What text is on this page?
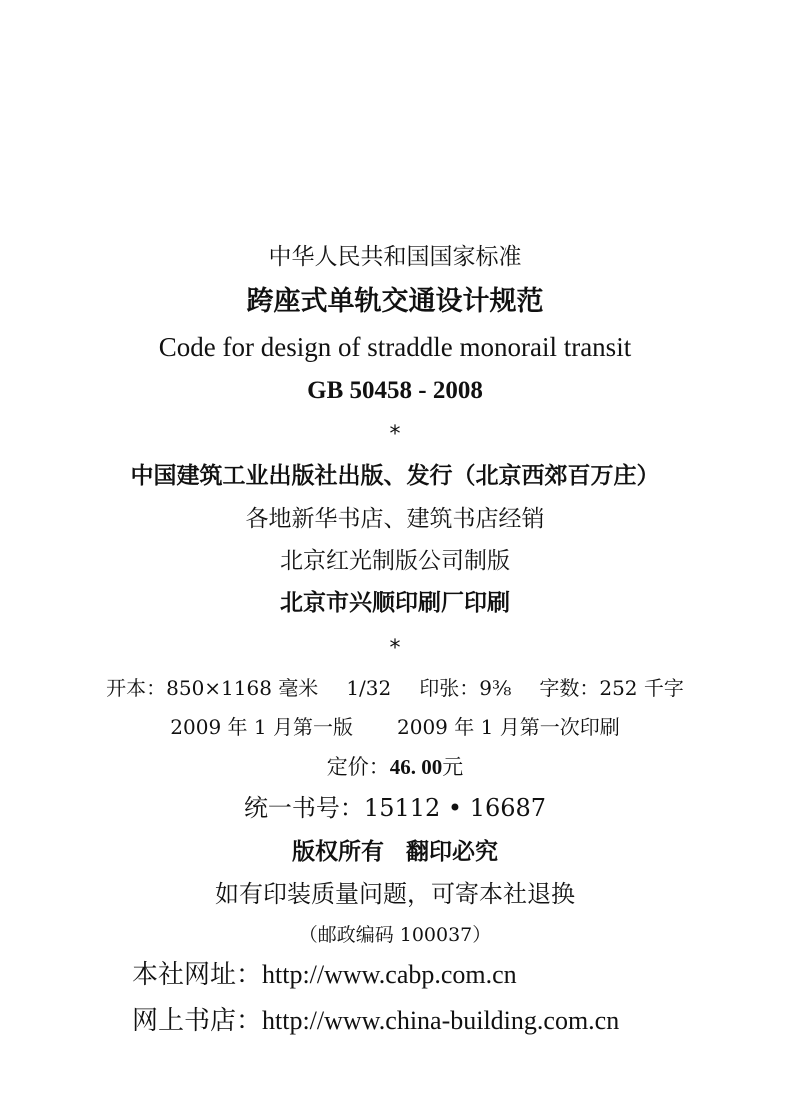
中华人民共和国国家标准
跨座式单轨交通设计规范
Code for design of straddle monorail transit
GB 50458 - 2008
*
中国建筑工业出版社出版、发行（北京西郊百万庄）
各地新华书店、建筑书店经销
北京红光制版公司制版
北京市兴顺印刷厂印刷
*
开本：850×1168 毫米 1/32 印张：9⅜ 字数：252 千字
2009 年 1 月第一版 2009 年 1 月第一次印刷
定价：46. 00元
统一书号：15112 • 16687
版权所有 翻印必究
如有印装质量问题，可寄本社退换
（邮政编码 100037）
本社网址：http://www.cabp.com.cn
网上书店：http://www.china-building.com.cn
